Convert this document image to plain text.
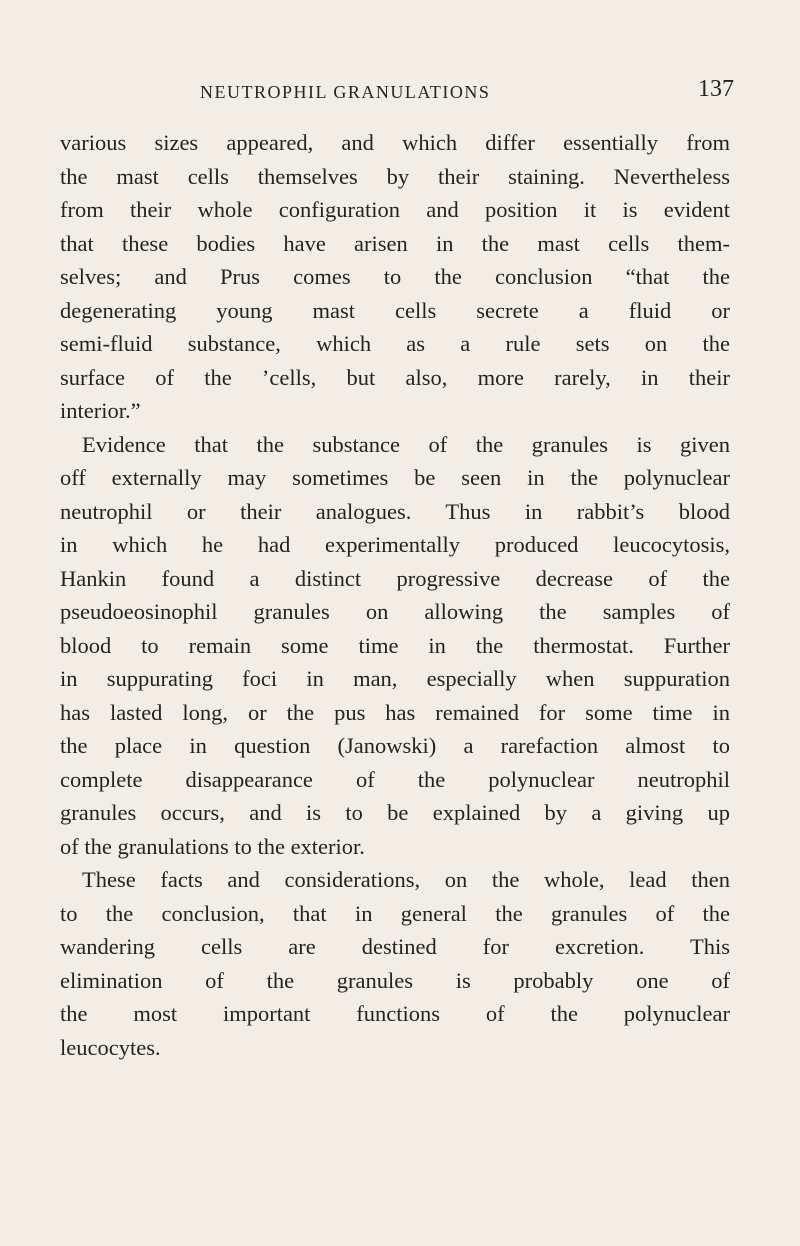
NEUTROPHIL GRANULATIONS	137
various sizes appeared, and which differ essentially from
the mast cells themselves by their staining. Nevertheless
from their whole configuration and position it is evident
that these bodies have arisen in the mast cells them-
selves; and Prus comes to the conclusion “that the
degenerating young mast cells secrete a fluid or
semi-fluid substance, which as a rule sets on the
surface of the ’cells, but also, more rarely, in their
interior.”
Evidence that the substance of the granules is given
off externally may sometimes be seen in the polynuclear
neutrophil or their analogues. Thus in rabbit’s blood
in which he had experimentally produced leucocytosis,
Hankin found a distinct progressive decrease of the
pseudoeosinophil granules on allowing the samples of
blood to remain some time in the thermostat. Further
in suppurating foci in man, especially when suppuration
has lasted long, or the pus has remained for some time in
the place in question (Janowski) a rarefaction almost to
complete disappearance of the polynuclear neutrophil
granules occurs, and is to be explained by a giving up
of the granulations to the exterior.
These facts and considerations, on the whole, lead then
to the conclusion, that in general the granules of the
wandering cells are destined for excretion. This
elimination of the granules is probably one of
the most important functions of the polynuclear
leucocytes.
